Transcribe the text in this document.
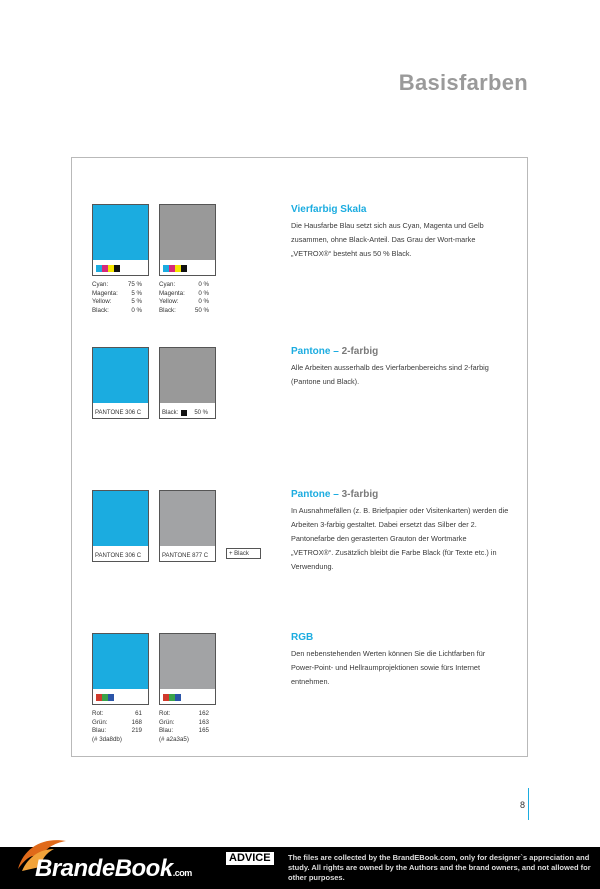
Basisfarben
Cyan:	75 %
Magenta:	5 %
Yellow:	5 %
Black:	0 %
Cyan:	0 %
Magenta:	0 %
Yellow:	0 %
Black:	50 %
Vierfarbig Skala
Die Hausfarbe Blau setzt sich aus Cyan, Magenta und Gelb zusammen, ohne Black-Anteil. Das Grau der Wort-marke „VETROX®“ besteht aus 50 % Black.
PANTONE 306 C	Black:	50 %
Pantone – 2-farbig
Alle Arbeiten ausserhalb des Vierfarbenbereichs sind 2-farbig (Pantone und Black).
PANTONE 306 C	PANTONE 877 C	+ Black
Pantone – 3-farbig
In Ausnahmefällen (z. B. Briefpapier oder Visitenkarten) werden die Arbeiten 3-farbig gestaltet. Dabei ersetzt das Silber der 2. Pantonefarbe den gerasterten Grauton der Wortmarke „VETROX®“. Zusätzlich bleibt die Farbe Black (für Texte etc.) in Verwendung.
Rot:	61
Grün:	168
Blau:	219
(# 3da8db)
Rot:	162
Grün:	163
Blau:	165
(# a2a3a5)
RGB
Den nebenstehenden Werten können Sie die Lichtfarben für Power-Point- und Hellraumprojektionen sowie fürs Internet entnehmen.
8
BrandeBook.com
ADVICE	The files are collected by the BrandEBook.com, only for designer`s appreciation and study. All rights are owned by the Authors and the brand owners, and not allowed for other purposes.
